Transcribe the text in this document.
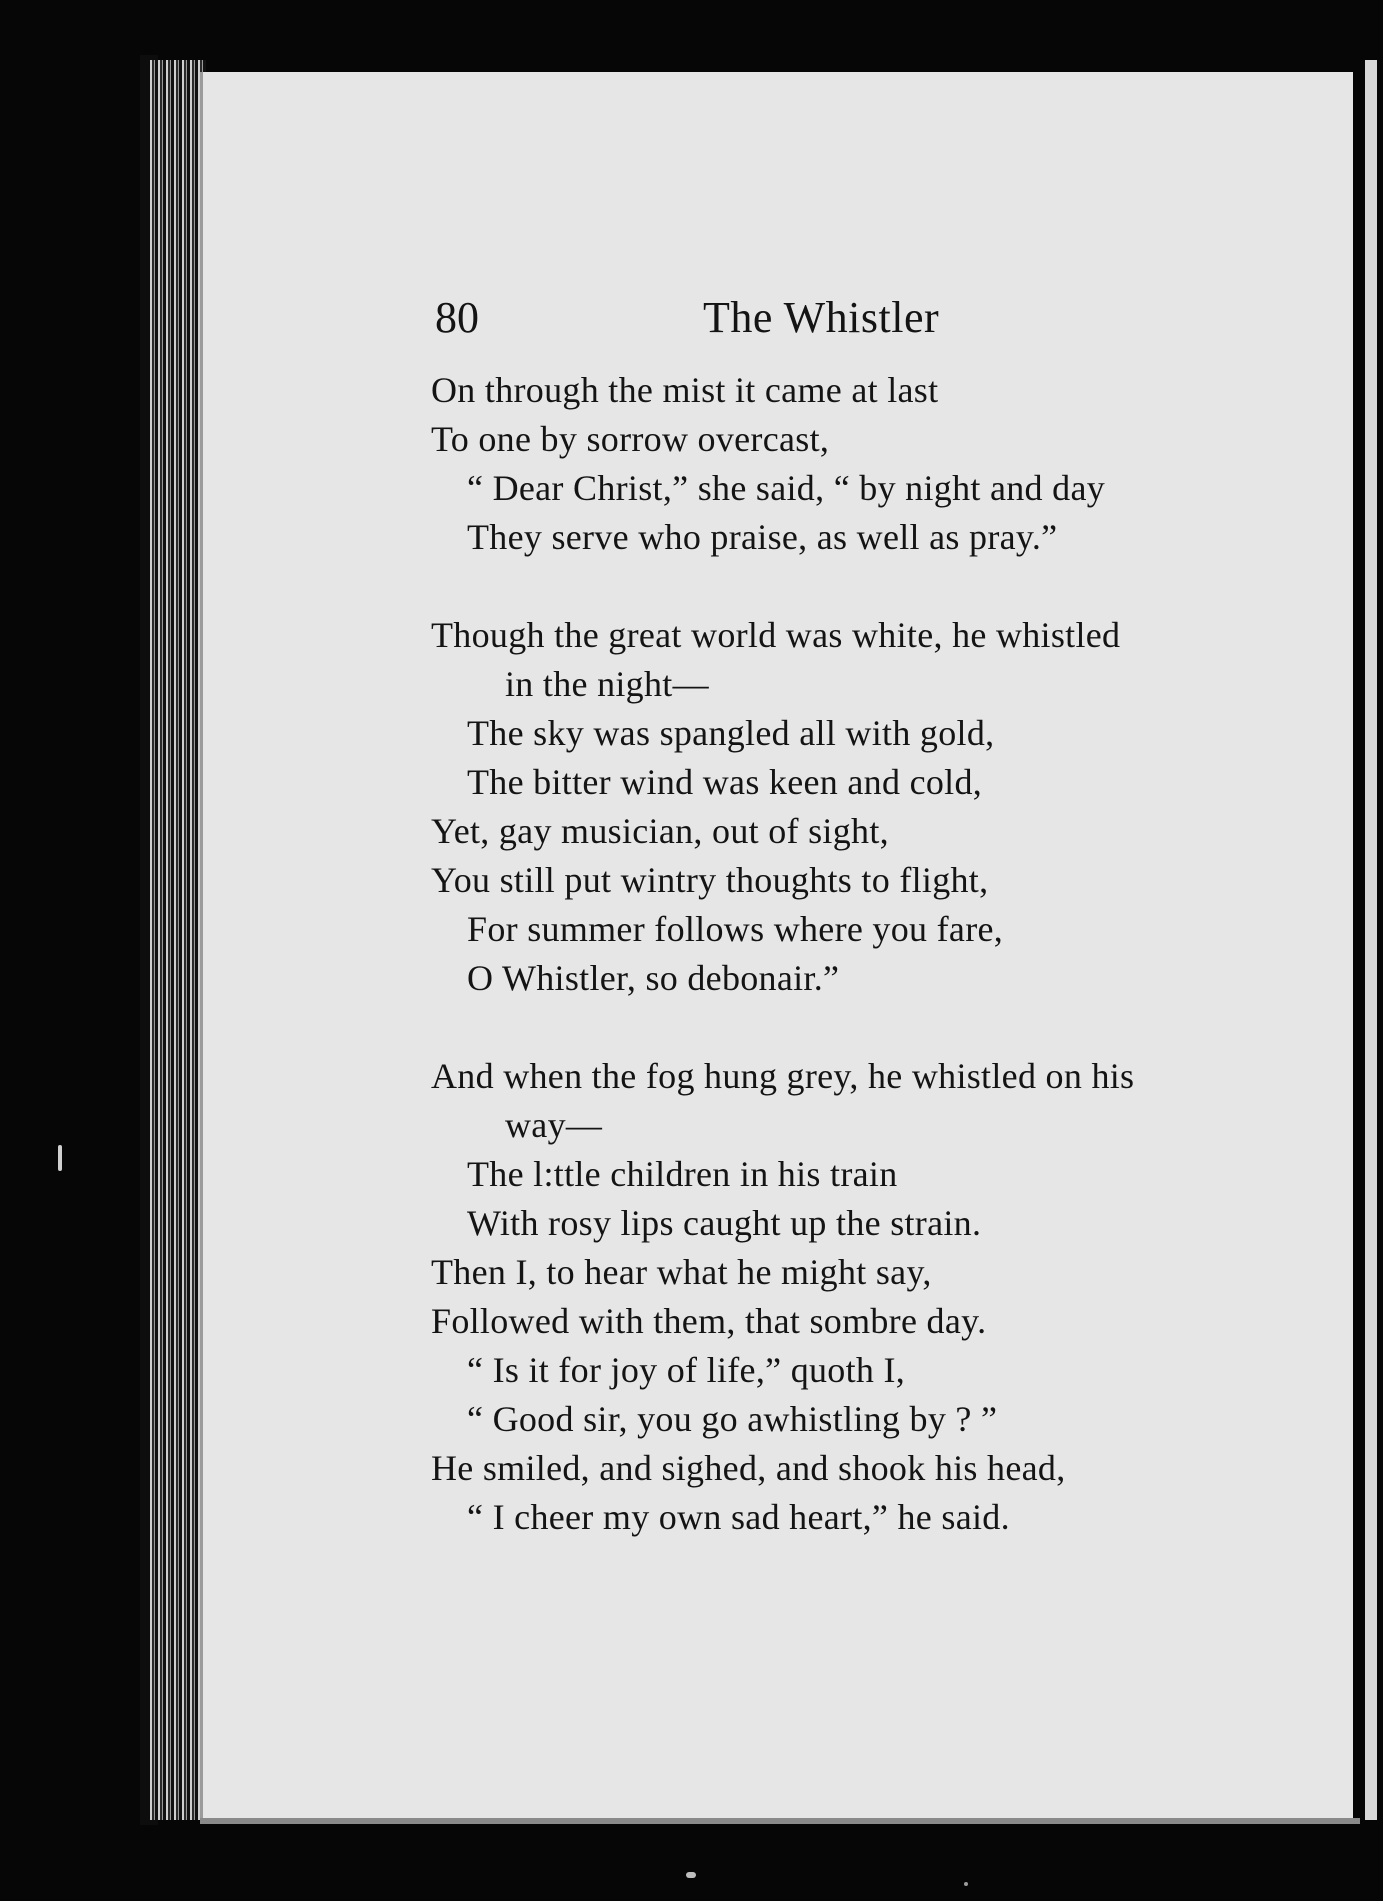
80	The Whistler
On through the mist it came at last
To one by sorrow overcast,
“ Dear Christ,” she said, “ by night and day
They serve who praise, as well as pray.”
Though the great world was white, he whistled
in the night—
The sky was spangled all with gold,
The bitter wind was keen and cold,
Yet, gay musician, out of sight,
You still put wintry thoughts to flight,
For summer follows where you fare,
O Whistler, so debonair.”
And when the fog hung grey, he whistled on his
way—
The l:ttle children in his train
With rosy lips caught up the strain.
Then I, to hear what he might say,
Followed with them, that sombre day.
“ Is it for joy of life,” quoth I,
“ Good sir, you go awhistling by ? ”
He smiled, and sighed, and shook his head,
“ I cheer my own sad heart,” he said.
